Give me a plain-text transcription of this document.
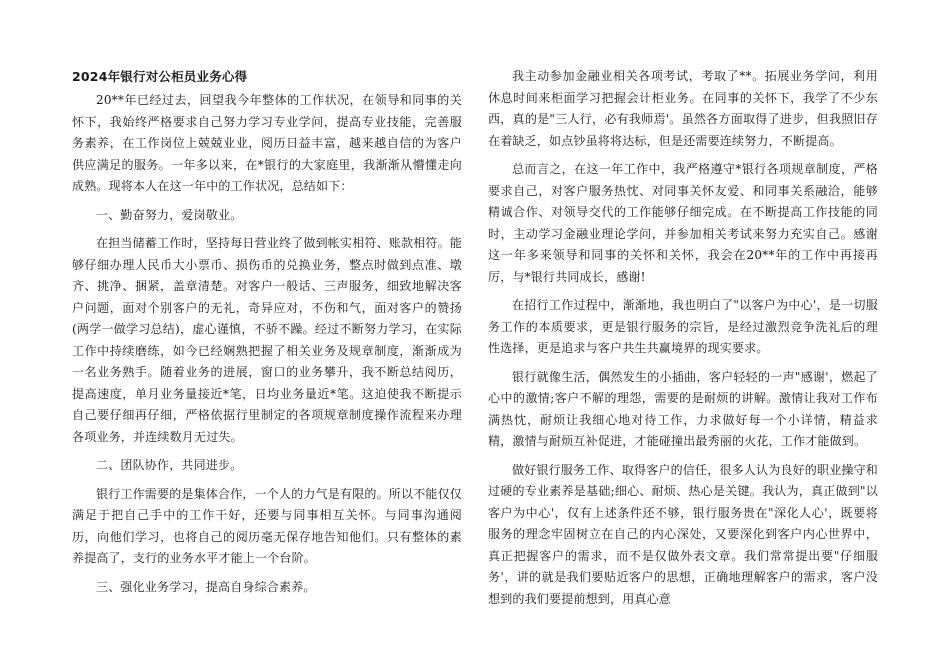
2024年银行对公柜员业务心得
20**年已经过去，回望我今年整体的工作状况，在领导和同事的关怀下，我始终严格要求自己努力学习专业学问，提高专业技能，完善服务素养，在工作岗位上兢兢业业，阅历日益丰富，越来越自信的为客户供应满足的服务。一年多以来，在*银行的大家庭里，我渐渐从懵懂走向成熟。现将本人在这一年中的工作状况，总结如下：
一、勤奋努力，爱岗敬业。
在担当储蓄工作时，坚持每日营业终了做到帐实相符、账款相符。能够仔细办理人民币大小票币、损伤币的兑换业务，整点时做到点准、墩齐、挑净、捆紧，盖章清楚。对客户一般话、三声服务，细致地解决客户问题，面对个别客户的无礼，奇异应对，不伤和气，面对客户的赞扬(两学一做学习总结)，虚心谨慎，不骄不躁。经过不断努力学习，在实际工作中持续磨练，如今已经娴熟把握了相关业务及规章制度，渐渐成为一名业务熟手。随着业务的进展，窗口的业务攀升，我不断总结阅历，提高速度，单月业务量接近*笔，日均业务量近*笔。这迫使我不断提示自己要仔细再仔细，严格依据行里制定的各项规章制度操作流程来办理各项业务，并连续数月无过失。
二、团队协作，共同进步。
银行工作需要的是集体合作，一个人的力气是有限的。所以不能仅仅满足于把自己手中的工作干好，还要与同事相互关怀。与同事沟通阅历，向他们学习，也将自己的阅历毫无保存地告知他们。只有整体的素养提高了，支行的业务水平才能上一个台阶。
三、强化业务学习，提高自身综合素养。
我主动参加金融业相关各项考试，考取了**。拓展业务学问，利用休息时间来柜面学习把握会计柜业务。在同事的关怀下，我学了不少东西，真的是"三人行，必有我师焉'。虽然各方面取得了进步，但我照旧存在着缺乏，如点钞虽将将达标，但是还需要连续努力，不断提高。
总而言之，在这一年工作中，我严格遵守*银行各项规章制度，严格要求自己，对客户服务热忱、对同事关怀友爱、和同事关系融洽，能够精诚合作、对领导交代的工作能够仔细完成。在不断提高工作技能的同时，主动学习金融业理论学问，并参加相关考试来努力充实自己。感谢这一年多来领导和同事的关怀和关怀，我会在20**年的工作中再接再厉，与*银行共同成长，感谢!
在招行工作过程中，渐渐地，我也明白了"以客户为中心'，是一切服务工作的本质要求，更是银行服务的宗旨，是经过激烈竞争洗礼后的理性选择，更是追求与客户共生共赢境界的现实要求。
银行就像生活，偶然发生的小插曲，客户轻轻的一声"感谢'，燃起了心中的激情;客户不解的理怨，需要的是耐烦的讲解。激情让我对工作布满热忱，耐烦让我细心地对待工作，力求做好每一个小详情，精益求精，激情与耐烦互补促进，才能碰撞出最秀丽的火花，工作才能做到。
做好银行服务工作、取得客户的信任，很多人认为良好的职业操守和过硬的专业素养是基础;细心、耐烦、热心是关键。我认为，真正做到"以客户为中心'，仅有上述条件还不够，银行服务贵在"深化人心'，既要将服务的理念牢固树立在自己的内心深处，又要深化到客户内心世界中，真正把握客户的需求，而不是仅做外表文章。我们常常提出要"仔细服务'，讲的就是我们要贴近客户的思想，正确地理解客户的需求，客户没想到的我们要提前想到，用真心意
